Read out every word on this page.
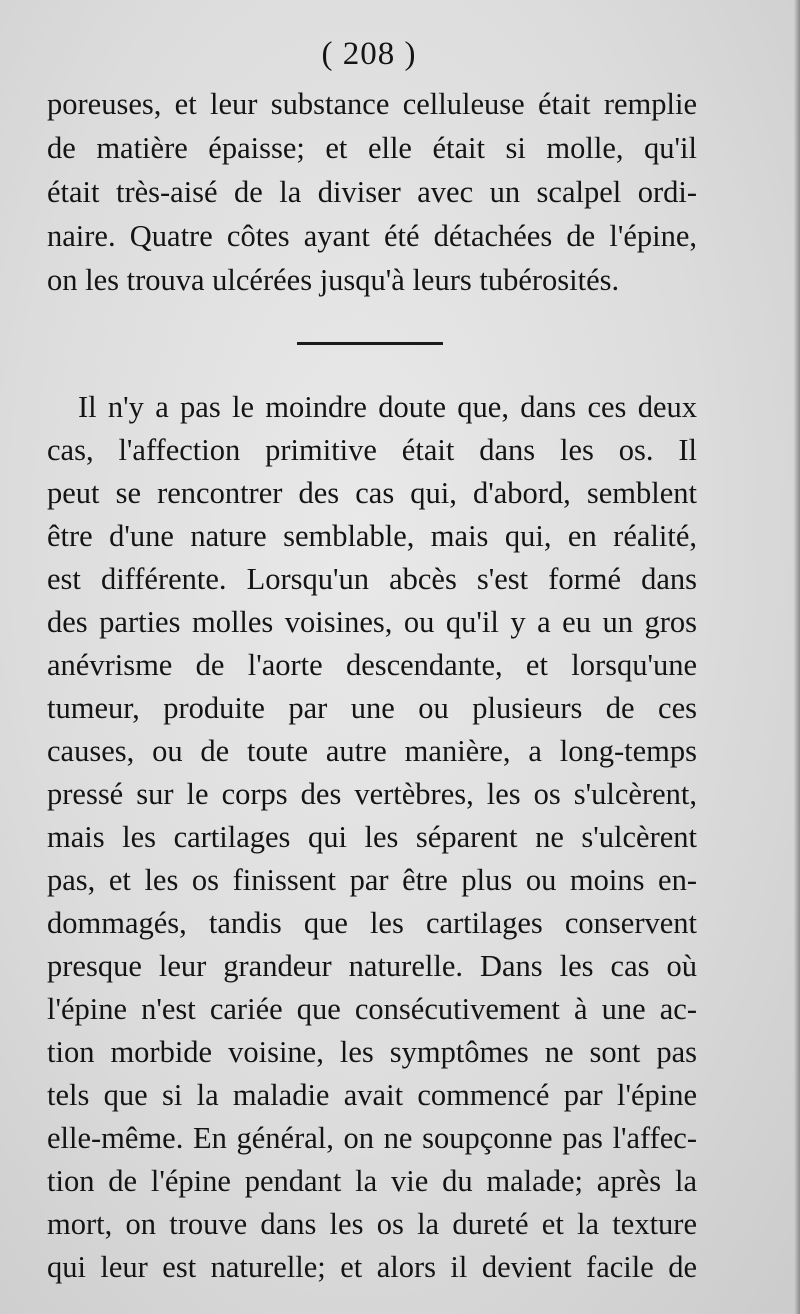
( 208 )
poreuses, et leur substance celluleuse était remplie
de matière épaisse; et elle était si molle, qu'il
était très-aisé de la diviser avec un scalpel ordi-
naire. Quatre côtes ayant été détachées de l'épine,
on les trouva ulcérées jusqu'à leurs tubérosités.
Il n'y a pas le moindre doute que, dans ces deux
cas, l'affection primitive était dans les os. Il
peut se rencontrer des cas qui, d'abord, semblent
être d'une nature semblable, mais qui, en réalité,
est différente. Lorsqu'un abcès s'est formé dans
des parties molles voisines, ou qu'il y a eu un gros
anévrisme de l'aorte descendante, et lorsqu'une
tumeur, produite par une ou plusieurs de ces
causes, ou de toute autre manière, a long-temps
pressé sur le corps des vertèbres, les os s'ulcèrent,
mais les cartilages qui les séparent ne s'ulcèrent
pas, et les os finissent par être plus ou moins en-
dommagés, tandis que les cartilages conservent
presque leur grandeur naturelle. Dans les cas où
l'épine n'est cariée que consécutivement à une ac-
tion morbide voisine, les symptômes ne sont pas
tels que si la maladie avait commencé par l'épine
elle-même. En général, on ne soupçonne pas l'affec-
tion de l'épine pendant la vie du malade; après la
mort, on trouve dans les os la dureté et la texture
qui leur est naturelle; et alors il devient facile de
